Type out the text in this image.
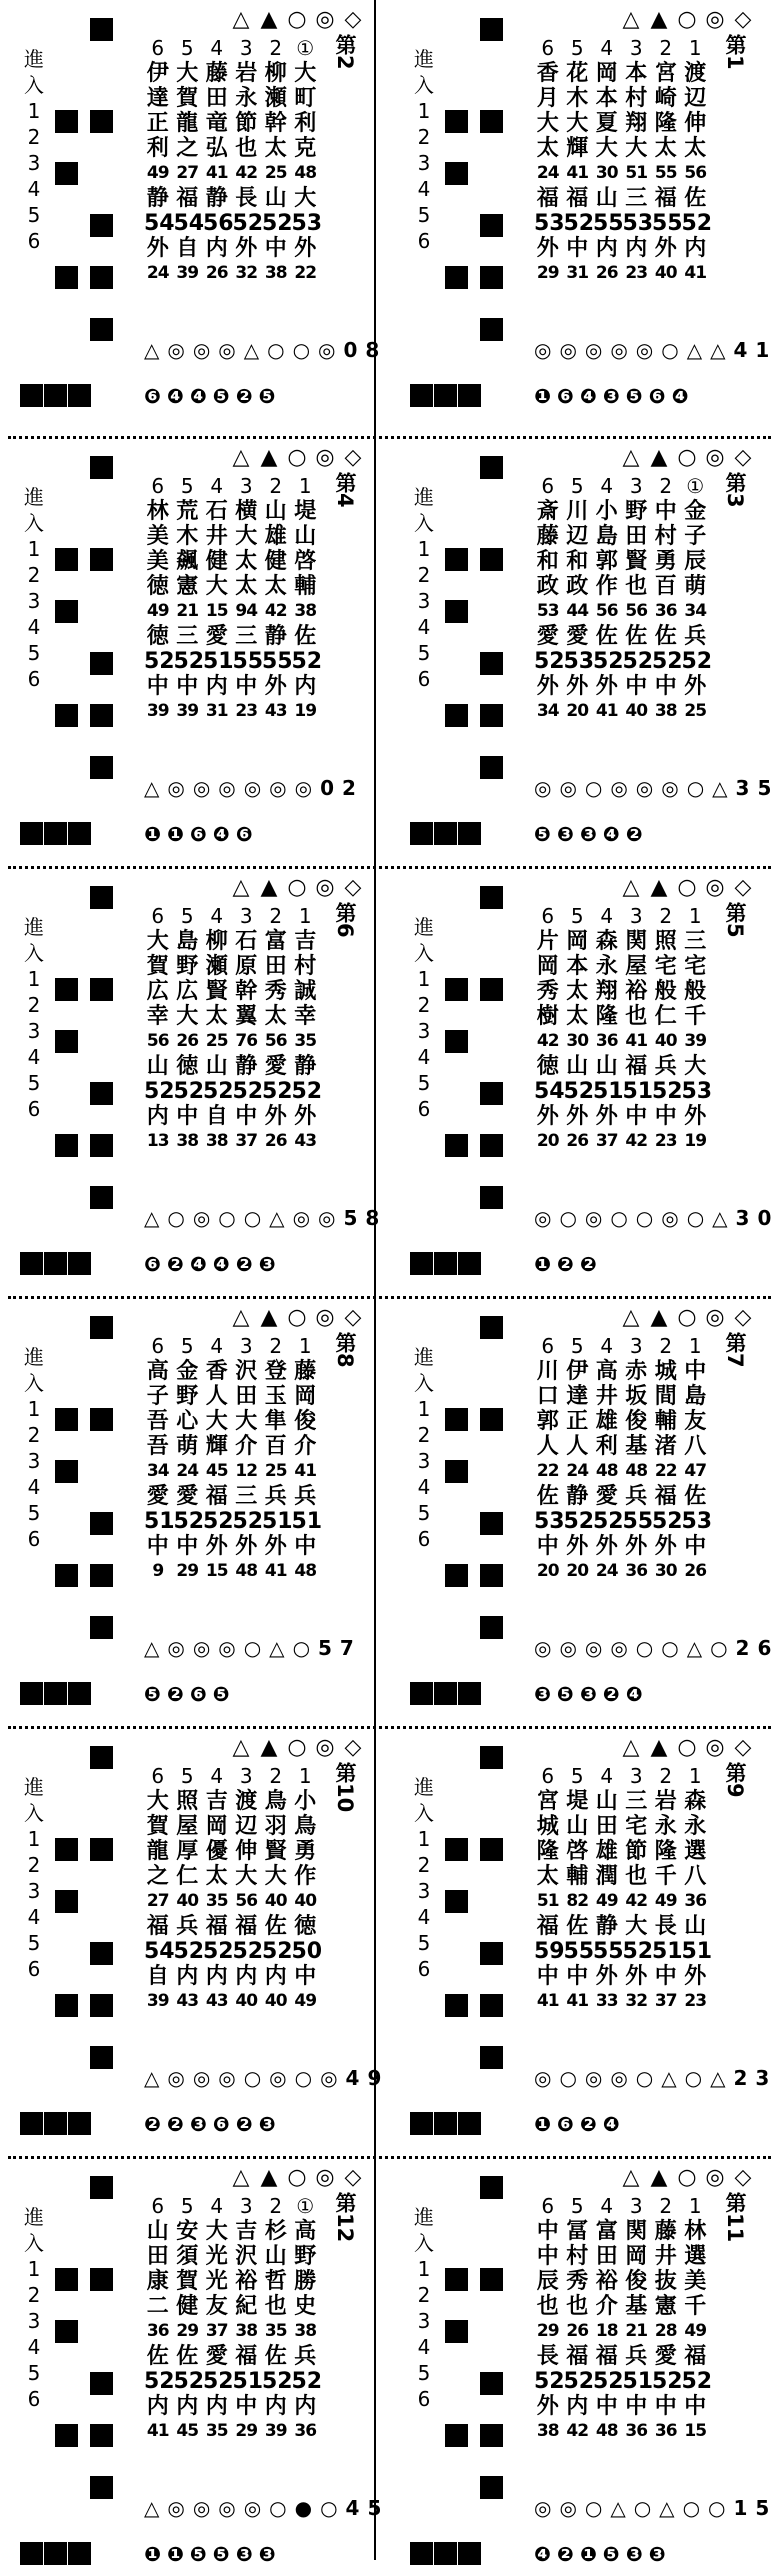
◇
◎
○
▲
△
第2
進
入
1
2
3
4
5
6
6
伊
達
正
利
49
静
54
外
24
5
大
賀
龍
之
27
福
54
自
39
4
藤
田
竜
弘
41
静
56
内
26
3
岩
永
節
也
42
長
52
外
32
2
柳
瀬
幹
太
25
山
52
中
38
①
大
町
利
克
48
大
53
外
22
△◎◎◎△○○◎08
❻❹❹❺❷❺
◇
◎
○
▲
△
第1
進
入
1
2
3
4
5
6
6
香
月
大
太
24
福
53
外
29
5
花
木
大
輝
41
福
52
中
31
4
岡
本
夏
大
30
山
55
内
26
3
本
村
翔
大
51
三
53
内
23
2
宮
崎
隆
太
55
福
55
外
40
1
渡
辺
伸
太
56
佐
52
内
41
◎◎◎◎◎○△△41
❶❻❹❸❺❻❹
◇
◎
○
▲
△
第4
進
入
1
2
3
4
5
6
6
林
美
美
徳
49
徳
52
中
39
5
荒
木
飆
憲
21
三
52
中
39
4
石
井
健
大
15
愛
51
内
31
3
横
大
太
太
94
三
55
中
23
2
山
雄
健
太
42
静
55
外
43
1
堤
山
啓
輔
38
佐
52
内
19
△◎◎◎◎◎◎02
❶❶❻❹❻
◇
◎
○
▲
△
第3
進
入
1
2
3
4
5
6
6
斎
藤
和
政
53
愛
52
外
34
5
川
辺
和
政
44
愛
53
外
20
4
小
島
郭
作
56
佐
52
外
41
3
野
田
賢
也
56
佐
52
中
40
2
中
村
勇
百
36
佐
52
中
38
①
金
子
辰
萌
34
兵
52
外
25
◎◎○◎◎◎○△35
❺❸❸❹❷
◇
◎
○
▲
△
第6
進
入
1
2
3
4
5
6
6
大
賀
広
幸
56
山
52
内
13
5
島
野
広
大
26
徳
52
中
38
4
柳
瀬
賢
太
25
山
52
自
38
3
石
原
幹
翼
76
静
52
中
37
2
富
田
秀
太
56
愛
52
外
26
1
吉
村
誠
幸
35
静
52
外
43
△○◎○○△◎◎58
❻❷❹❹❷❸
◇
◎
○
▲
△
第5
進
入
1
2
3
4
5
6
6
片
岡
秀
樹
42
徳
54
外
20
5
岡
本
太
太
30
山
52
外
26
4
森
永
翔
隆
36
山
51
外
37
3
関
屋
裕
也
41
福
51
中
42
2
照
宅
般
仁
40
兵
52
中
23
1
三
宅
般
千
39
大
53
外
19
◎○◎○○◎○△30
❶❷❷
◇
◎
○
▲
△
第8
進
入
1
2
3
4
5
6
6
高
子
吾
吾
34
愛
51
中
9
5
金
野
心
萌
24
愛
52
中
29
4
香
人
大
輝
45
福
52
外
15
3
沢
田
大
介
12
三
52
外
48
2
登
玉
隼
百
25
兵
51
外
41
1
藤
岡
俊
介
41
兵
51
中
48
△◎◎◎○△○57
❺❷❻❺
◇
◎
○
▲
△
第7
進
入
1
2
3
4
5
6
6
川
口
郭
人
22
佐
53
中
20
5
伊
達
正
人
24
静
52
外
20
4
高
井
雄
利
48
愛
52
外
24
3
赤
坂
俊
基
48
兵
55
外
36
2
城
間
輔
渚
22
福
52
外
30
1
中
島
友
八
47
佐
53
中
26
◎◎◎◎○○△○26
❸❺❸❷❹
◇
◎
○
▲
△
第10
進
入
1
2
3
4
5
6
6
大
賀
龍
之
27
福
54
自
39
5
照
屋
厚
仁
40
兵
52
内
43
4
吉
岡
優
太
35
福
52
内
43
3
渡
辺
伸
大
56
福
52
内
40
2
鳥
羽
賢
大
40
佐
52
内
40
1
小
鳥
勇
作
40
徳
50
中
49
△◎◎◎○◎○◎49
❷❷❸❻❷❸
◇
◎
○
▲
△
第9
進
入
1
2
3
4
5
6
6
宮
城
隆
太
51
福
59
中
41
5
堤
山
啓
輔
82
佐
55
中
41
4
山
田
雄
潤
49
静
55
外
33
3
三
宅
節
也
42
大
52
外
32
2
岩
永
隆
千
49
長
51
中
37
1
森
永
選
八
36
山
51
外
23
◎○◎◎○△○△23
❶❻❷❹
◇
◎
○
▲
△
第12
進
入
1
2
3
4
5
6
6
山
田
康
二
36
佐
52
内
41
5
安
須
賀
健
29
佐
52
内
45
4
大
光
光
友
37
愛
52
内
35
3
吉
沢
裕
紀
38
福
51
中
29
2
杉
山
哲
也
35
佐
52
内
39
①
高
野
勝
史
38
兵
52
内
36
△◎◎◎◎○●○45
❶❶❺❺❸❸
◇
◎
○
▲
△
第11
進
入
1
2
3
4
5
6
6
中
中
辰
也
29
長
52
外
38
5
冨
村
秀
也
26
福
52
内
42
4
富
田
裕
介
18
福
52
中
48
3
関
岡
俊
基
21
兵
51
中
36
2
藤
井
抜
憲
28
愛
52
中
36
1
林
選
美
千
49
福
52
中
15
◎◎○△○△○○15
❹❷❶❺❸❸
